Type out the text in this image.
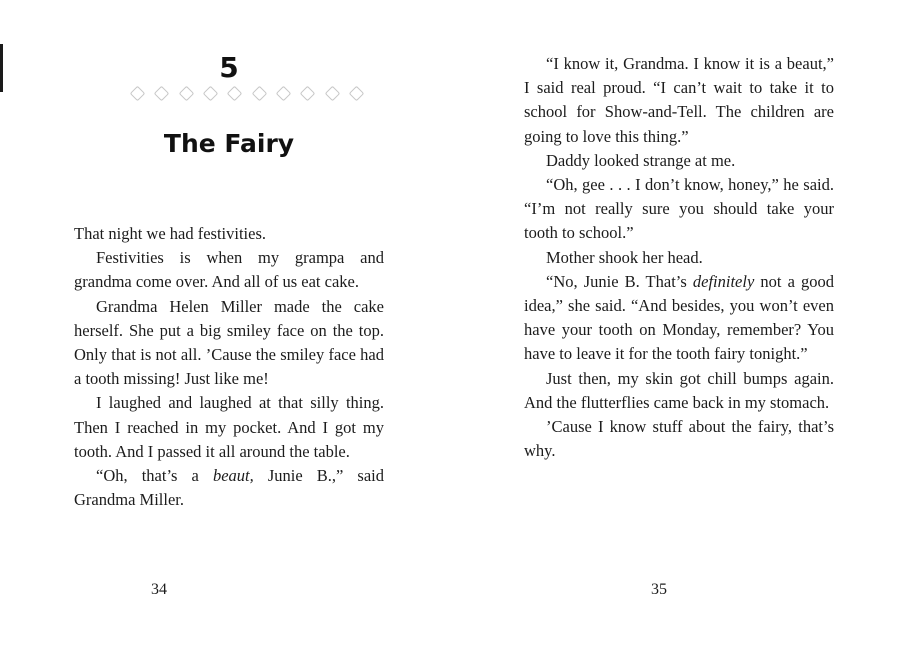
5
The Fairy

That night we had festivities.

Festivities is when my grampa and grandma come over. And all of us eat cake.

Grandma Helen Miller made the cake herself. She put a big smiley face on the top. Only that is not all. ’Cause the smiley face had a tooth missing! Just like me!

I laughed and laughed at that silly thing. Then I reached in my pocket. And I got my tooth. And I passed it all around the table.

“Oh, that’s a beaut, Junie B.,” said Grandma Miller.

34

“I know it, Grandma. I know it is a beaut,” I said real proud. “I can’t wait to take it to school for Show-and-Tell. The children are going to love this thing.”

Daddy looked strange at me.

“Oh, gee . . . I don’t know, honey,” he said. “I’m not really sure you should take your tooth to school.”

Mother shook her head.

“No, Junie B. That’s definitely not a good idea,” she said. “And besides, you won’t even have your tooth on Monday, remember? You have to leave it for the tooth fairy tonight.”

Just then, my skin got chill bumps again. And the flutterflies came back in my stomach.

’Cause I know stuff about the fairy, that’s why.

35
